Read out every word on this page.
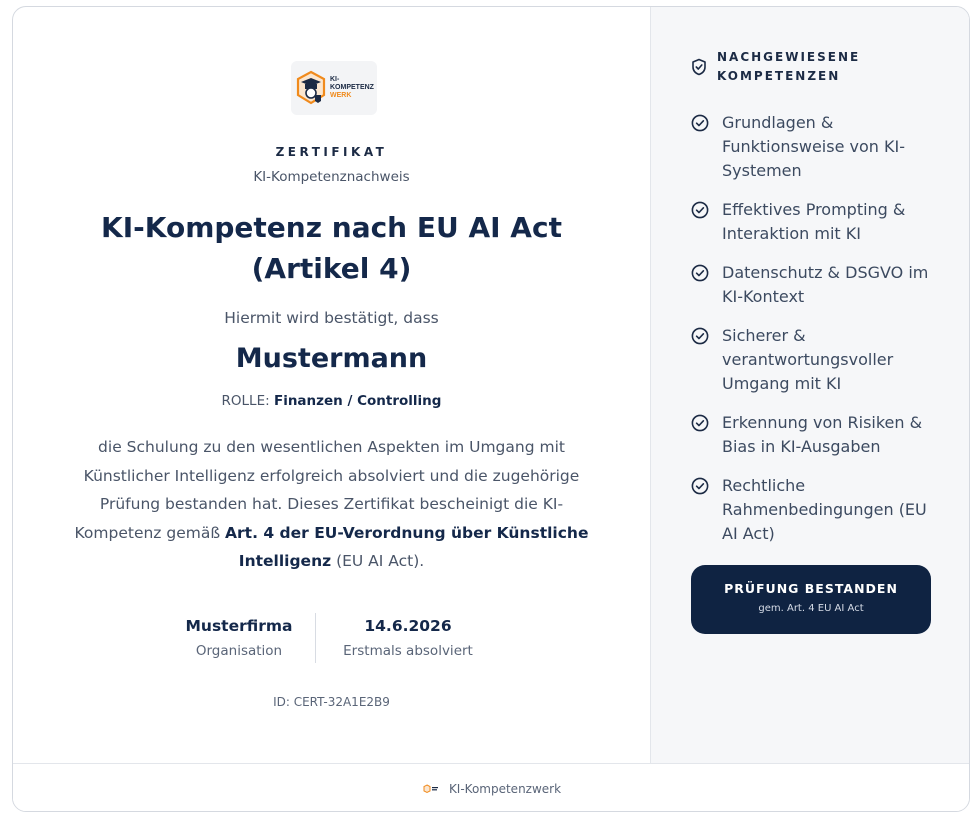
KI-
KOMPETENZ
WERK
ZERTIFIKAT
KI-Kompetenznachweis
KI-Kompetenz nach EU AI Act (Artikel 4)
Hiermit wird bestätigt, dass
Mustermann
ROLLE: Finanzen / Controlling
die Schulung zu den wesentlichen Aspekten im Umgang mit Künstlicher Intelligenz erfolgreich absolviert und die zugehörige Prüfung bestanden hat. Dieses Zertifikat bescheinigt die KI-Kompetenz gemäß Art. 4 der EU-Verordnung über Künstliche Intelligenz (EU AI Act).
Musterfirma
Organisation
14.6.2026
Erstmals absolviert
ID: CERT-32A1E2B9
NACHGEWIESENE KOMPETENZEN
Grundlagen & Funktionsweise von KI-Systemen
Effektives Prompting & Interaktion mit KI
Datenschutz & DSGVO im KI-Kontext
Sicherer & verantwortungsvoller Umgang mit KI
Erkennung von Risiken & Bias in KI-Ausgaben
Rechtliche Rahmenbedingungen (EU AI Act)
PRÜFUNG BESTANDEN
gem. Art. 4 EU AI Act
KI-Kompetenzwerk
